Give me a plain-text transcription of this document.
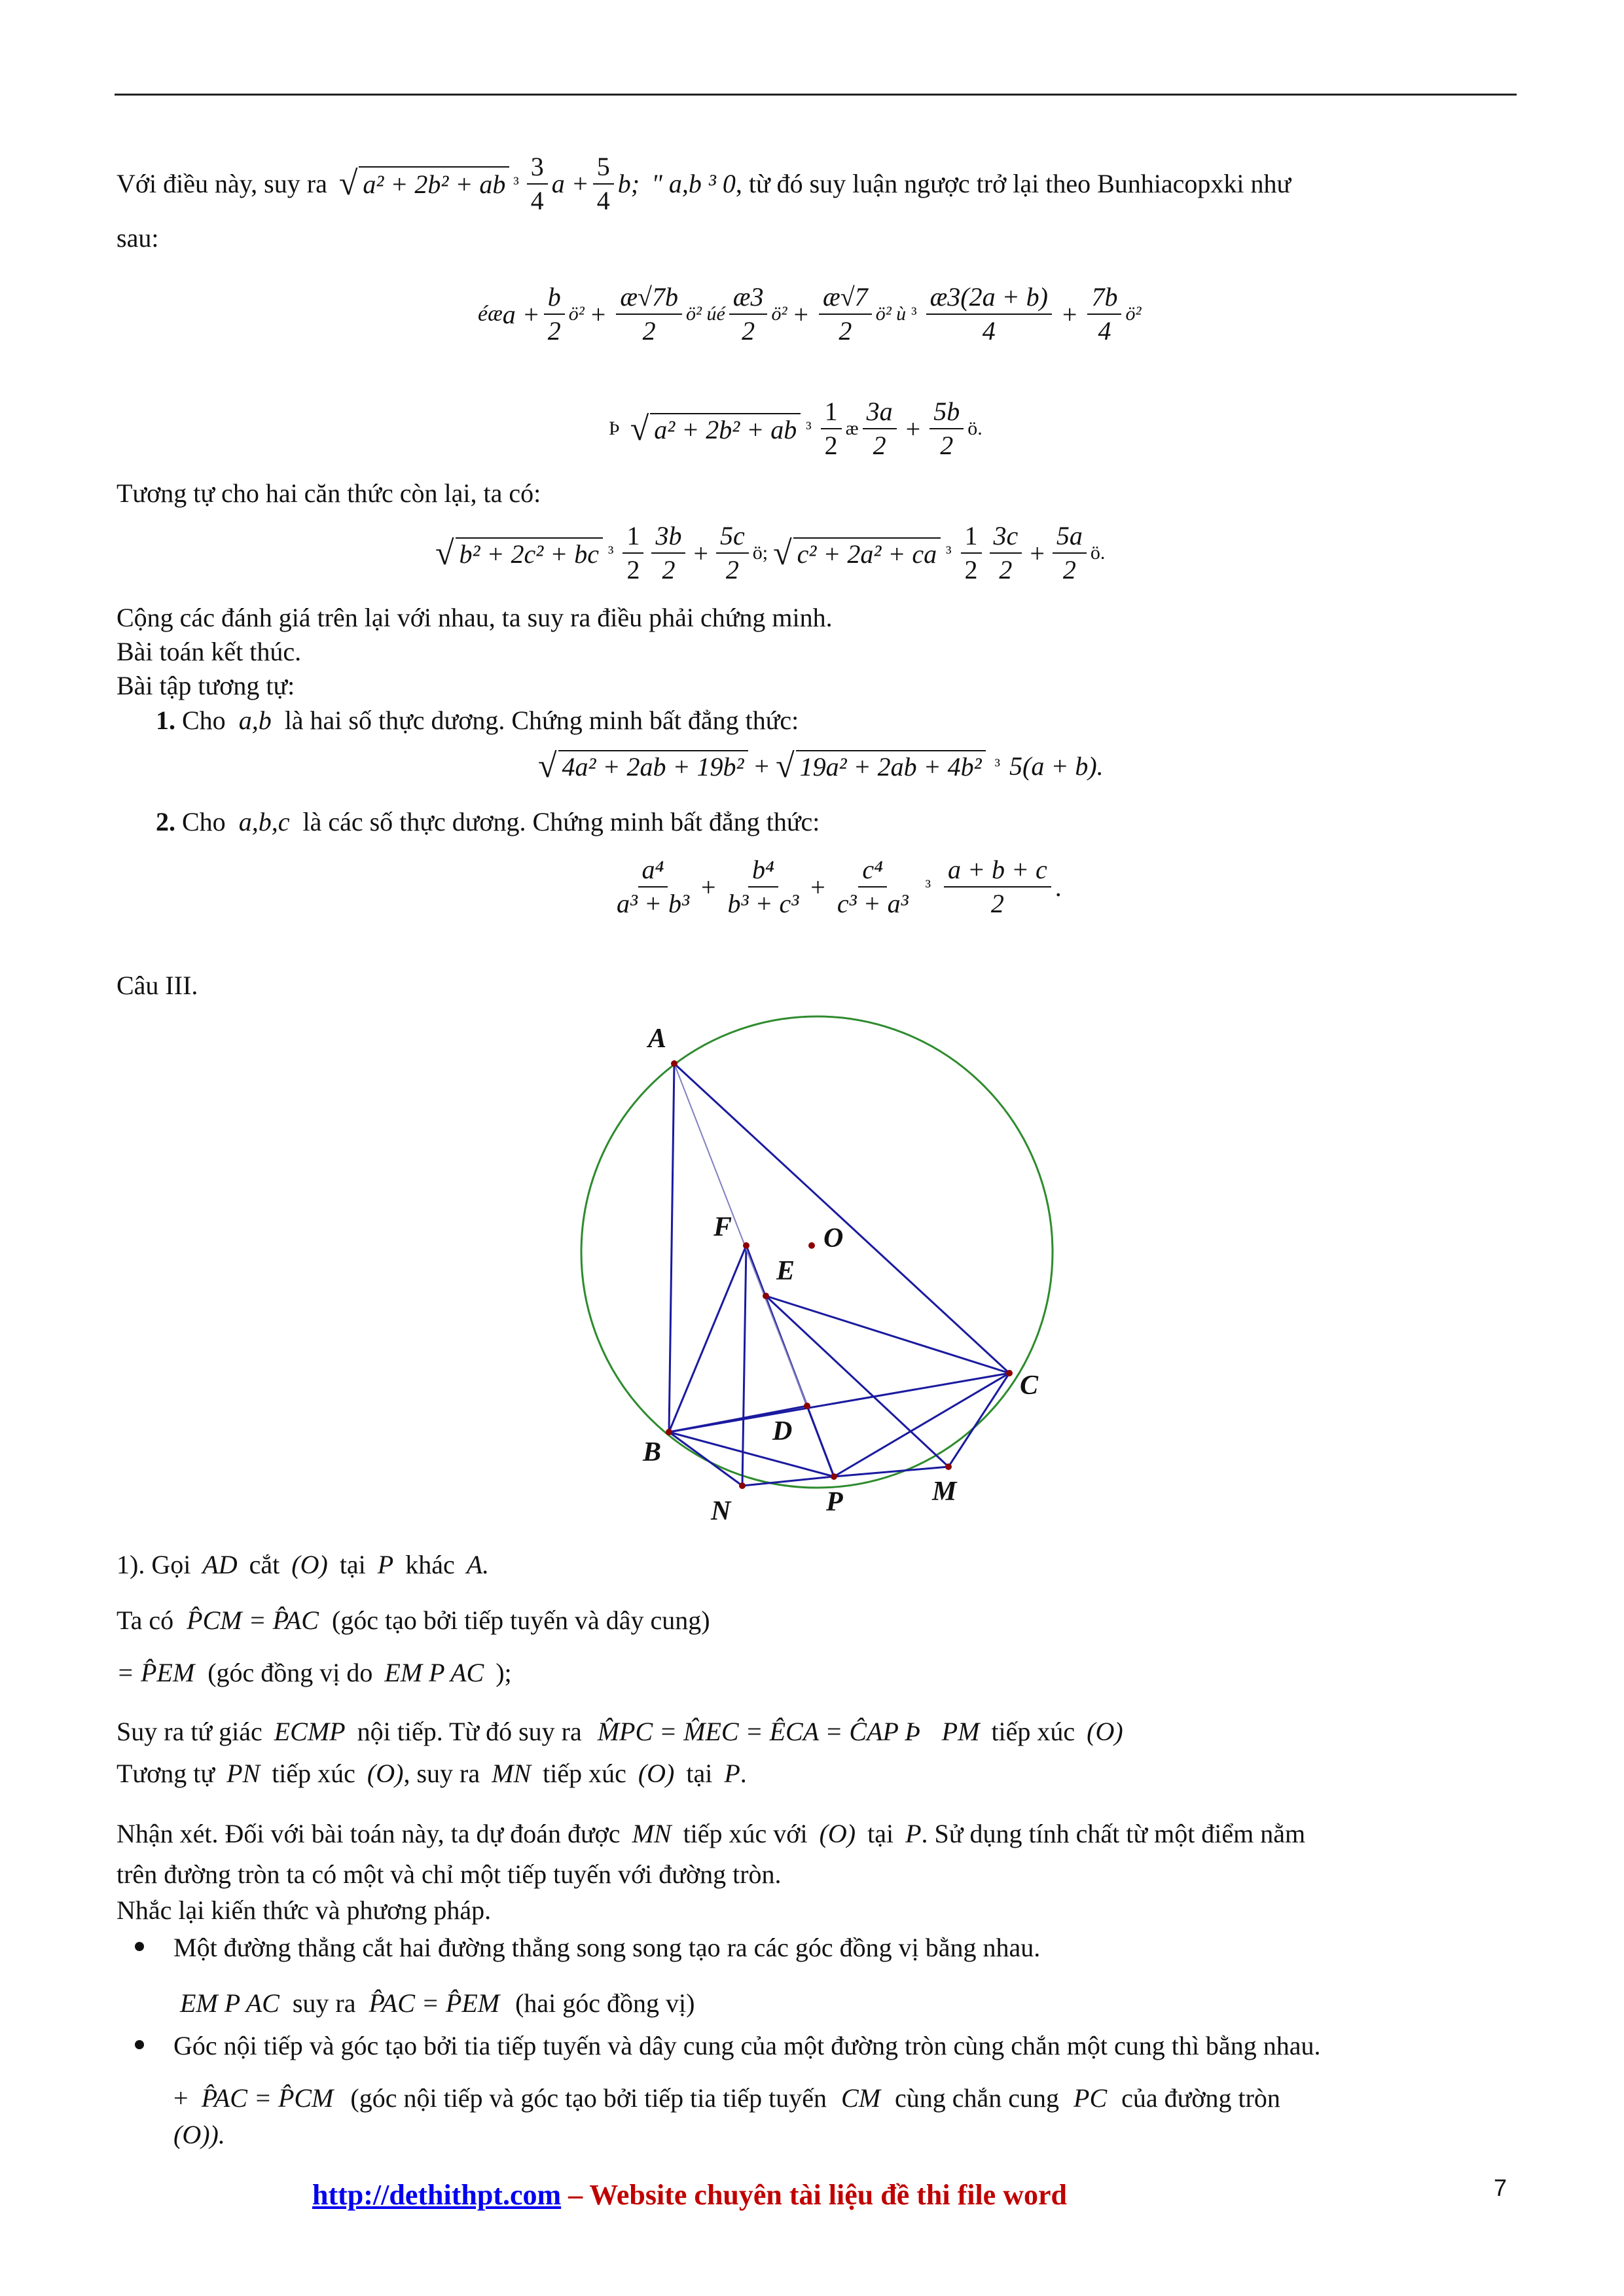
Với điều này, suy ra √ a² + 2b² + ab $^3 \frac{3}{4}$ $a + \frac{5}{4} b$; " a,b ³ 0 , từ đó suy luận ngược trở lại theo Bunhiacopxki như
sau:
éæ $a + \frac{b}{2}$ ö² + $\frac{æ√7b}{2}$ ö² úé $\frac{æ3}{2}$ ö² + $\frac{æ√7}{2}$ ö² ù $^3 \frac{æ3(2a + b)}{4} + \frac{7b}{4}$ ö²
Þ √ a² + 2b² + ab $^3 \frac{1}{2}$ æ $\frac{3a}{2} + \frac{5b}{2}$ ö.
Tương tự cho hai căn thức còn lại, ta có:
√ b² + 2c² + bc $^3 \frac{1}{2} \frac{3b}{2} + \frac{5c}{2}$ ö; √ c² + 2a² + ca $^3 \frac{1}{2} \frac{3c}{2} + \frac{5a}{2}$ ö.
Cộng các đánh giá trên lại với nhau, ta suy ra điều phải chứng minh.
Bài toán kết thúc.
Bài tập tương tự:
1. Cho a,b là hai số thực dương. Chứng minh bất đẳng thức:
√ 4a² + 2ab + 19b² + √ 19a² + 2ab + 4b² ³ 5(a + b).
2. Cho a,b,c là các số thực dương. Chứng minh bất đẳng thức:
$\frac{\text{a⁴}}{\text{a³ + b³}} + \frac{\text{b⁴}}{\text{b³ + c³}} + \frac{\text{c⁴}}{\text{c³ + a³}} ^3 \frac{a + b + c}{2}$ .
Câu III.
A
F	O
E
C
D
B
N	P	M
1). Gọi AD cắt (O) tại P khác A.
Ta có P̂CM = P̂AC (góc tạo bởi tiếp tuyến và dây cung)
= P̂EM (góc đồng vị do EM P AC );
Suy ra tứ giác ECMP nội tiếp. Từ đó suy ra M̂PC = M̂EC = ÊCA = ĈAP Þ PM tiếp xúc (O)
Tương tự PN tiếp xúc (O), suy ra MN tiếp xúc (O) tại P.
Nhận xét. Đối với bài toán này, ta dự đoán được MN tiếp xúc với (O) tại P. Sử dụng tính chất từ một điểm nằm
trên đường tròn ta có một và chỉ một tiếp tuyến với đường tròn.
Nhắc lại kiến thức và phương pháp.
Một đường thẳng cắt hai đường thẳng song song tạo ra các góc đồng vị bằng nhau.
EM P AC suy ra P̂AC = P̂EM (hai góc đồng vị)
Góc nội tiếp và góc tạo bởi tia tiếp tuyến và dây cung của một đường tròn cùng chắn một cung thì bằng nhau.
+ P̂AC = P̂CM (góc nội tiếp và góc tạo bởi tiếp tia tiếp tuyến CM cùng chắn cung PC của đường tròn
(O)).
http://dethithpt.com – Website chuyên tài liệu đề thi file word	7
